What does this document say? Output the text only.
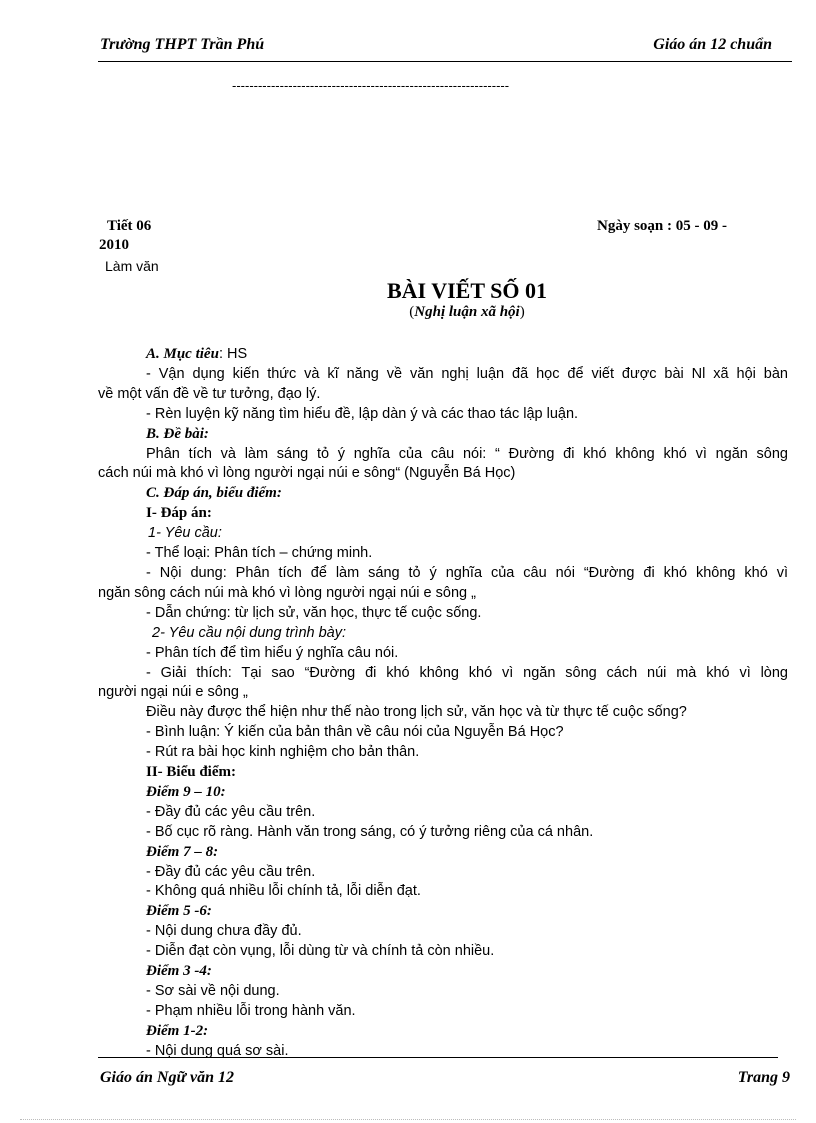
Trường THPT Trần Phú	Giáo án 12 chuẩn
----------------------------------------------------------------
Tiết 06	Ngày soạn : 05 - 09 -
2010
Làm văn
BÀI VIẾT SỐ 01
(Nghị luận xã hội)
A. Mục tiêu: HS
- Vận dụng kiến thức và kĩ năng về văn nghị luận đã học để viết được bài Nl xã hội bàn
về một vấn đề về tư tưởng, đạo lý.
- Rèn luyện kỹ năng tìm hiểu đề, lập dàn ý và các thao tác lập luận.
B. Đề bài:
Phân tích và làm sáng tỏ ý nghĩa của câu nói: “ Đường đi khó không khó vì ngăn sông
cách núi mà khó vì lòng người ngại núi e sông“ (Nguyễn Bá Học)
C. Đáp án, biểu điểm:
I- Đáp án:
1- Yêu cầu:
- Thể loại: Phân tích – chứng minh.
- Nội dung: Phân tích để làm sáng tỏ ý nghĩa của câu nói “Đường đi khó không khó vì
ngăn sông cách núi mà khó vì lòng người ngại núi e sông „
- Dẫn chứng: từ lịch sử, văn học, thực tế cuộc sống.
2- Yêu cầu nội dung trình bày:
- Phân tích để tìm hiểu ý nghĩa câu nói.
- Giải thích: Tại sao “Đường đi khó không khó vì ngăn sông cách núi mà khó vì lòng
người ngại núi e sông „
Điều này được thể hiện như thế nào trong lịch sử, văn học và từ thực tế cuộc sống?
- Bình luận: Ý kiến của bản thân về câu nói của Nguyễn Bá Học?
- Rút ra bài học kinh nghiệm cho bản thân.
II- Biểu điểm:
Điểm 9 – 10:
- Đầy đủ các yêu cầu trên.
- Bố cục rõ ràng. Hành văn trong sáng, có ý tưởng riêng của cá nhân.
Điểm 7 – 8:
- Đầy đủ các yêu cầu trên.
- Không quá nhiều lỗi chính tả, lỗi diễn đạt.
Điểm 5 -6:
- Nội dung chưa đầy đủ.
- Diễn đạt còn vụng, lỗi dùng từ và chính tả còn nhiều.
Điểm 3 -4:
- Sơ sài về nội dung.
- Phạm nhiều lỗi trong hành văn.
Điểm 1-2:
- Nội dung quá sơ sài.
Giáo án Ngữ văn 12	Trang 9
